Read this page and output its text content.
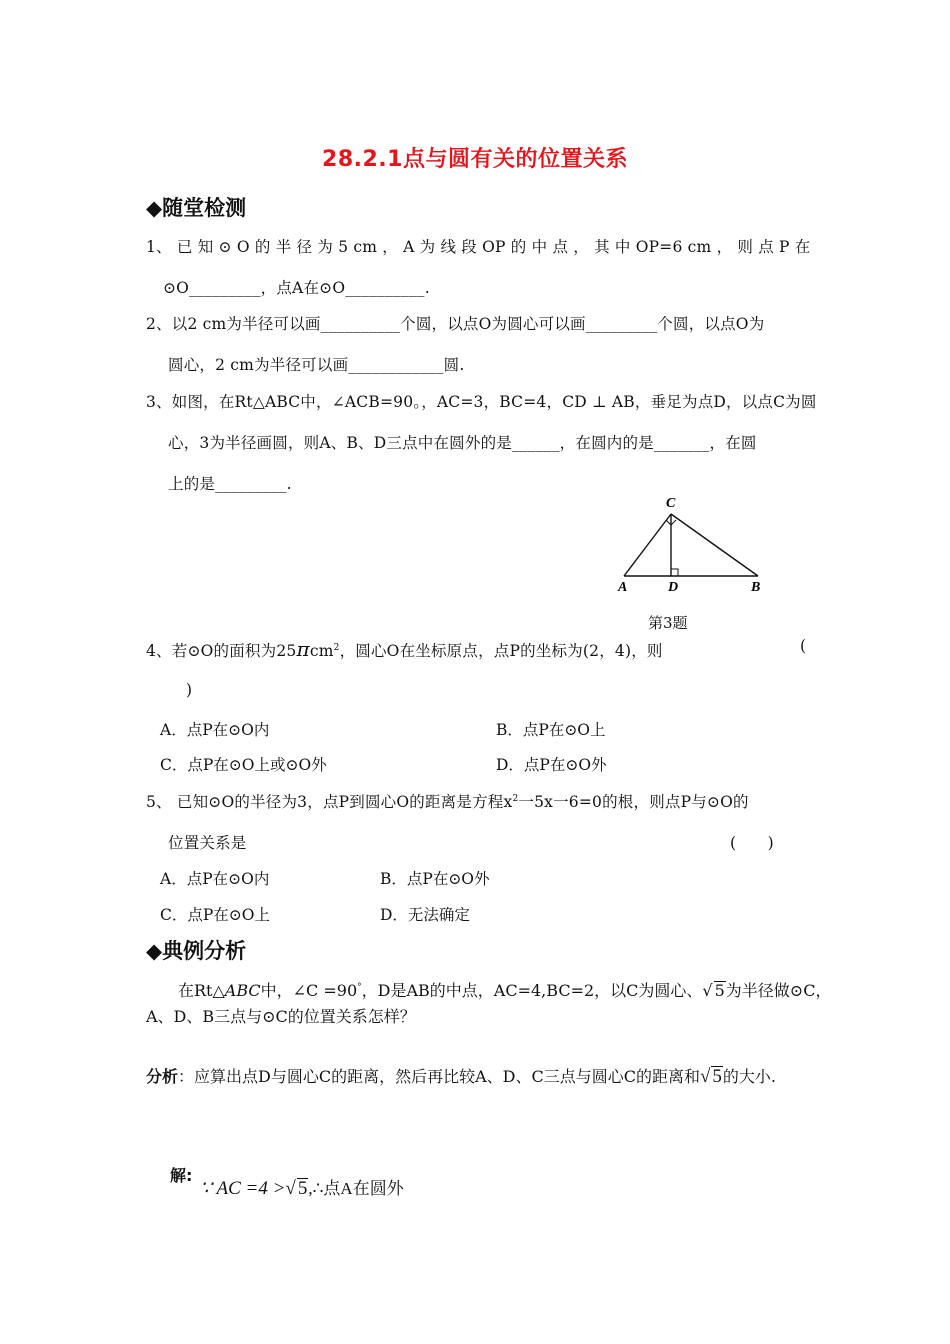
28.2.1点与圆有关的位置关系
◆随堂检测
1、 已 知 ⊙ O 的 半 径 为 5 cm ， A 为 线 段 OP 的 中 点 ， 其 中 OP=6 cm ， 则 点 P 在
⊙O_________，点A在⊙O__________.
2、以2 cm为半径可以画__________个圆，以点O为圆心可以画_________个圆，以点O为
圆心，2 cm为半径可以画____________圆.
3、如图，在Rt△ABC中，∠ACB=90。，AC=3，BC=4，CD ⊥ AB，垂足为点D，以点C为圆
心，3为半径画圆，则A、B、D三点中在圆外的是______，在圆内的是_______，在圆
上的是_________.
C
A	D	B
第3题
4、若⊙O的面积为25πcm$^2$，圆心O在坐标原点，点P的坐标为(2，4)，则	(
)
A．点P在⊙O内	B．点P在⊙O上
C．点P在⊙O上或⊙O外	D．点P在⊙O外
5、 已知⊙O的半径为3，点P到圆心O的距离是方程$x^2$一5x一6=0的根，则点P与⊙O的
位置关系是	(　　)
A．点P在⊙O内	B．点P在⊙O外
C．点P在⊙O上	D．无法确定
◆典例分析
在Rt△ABC中，∠C =90°，D是AB的中点，AC=4,BC=2，以C为圆心、√ 5为半径做⊙C，
A、D、B三点与⊙C的位置关系怎样？
分析：应算出点D与圆心C的距离，然后再比较A、D、C三点与圆心C的距离和√ 5的大小.
解:
∵ AC =4 >√ 5,∴点A在圆外
